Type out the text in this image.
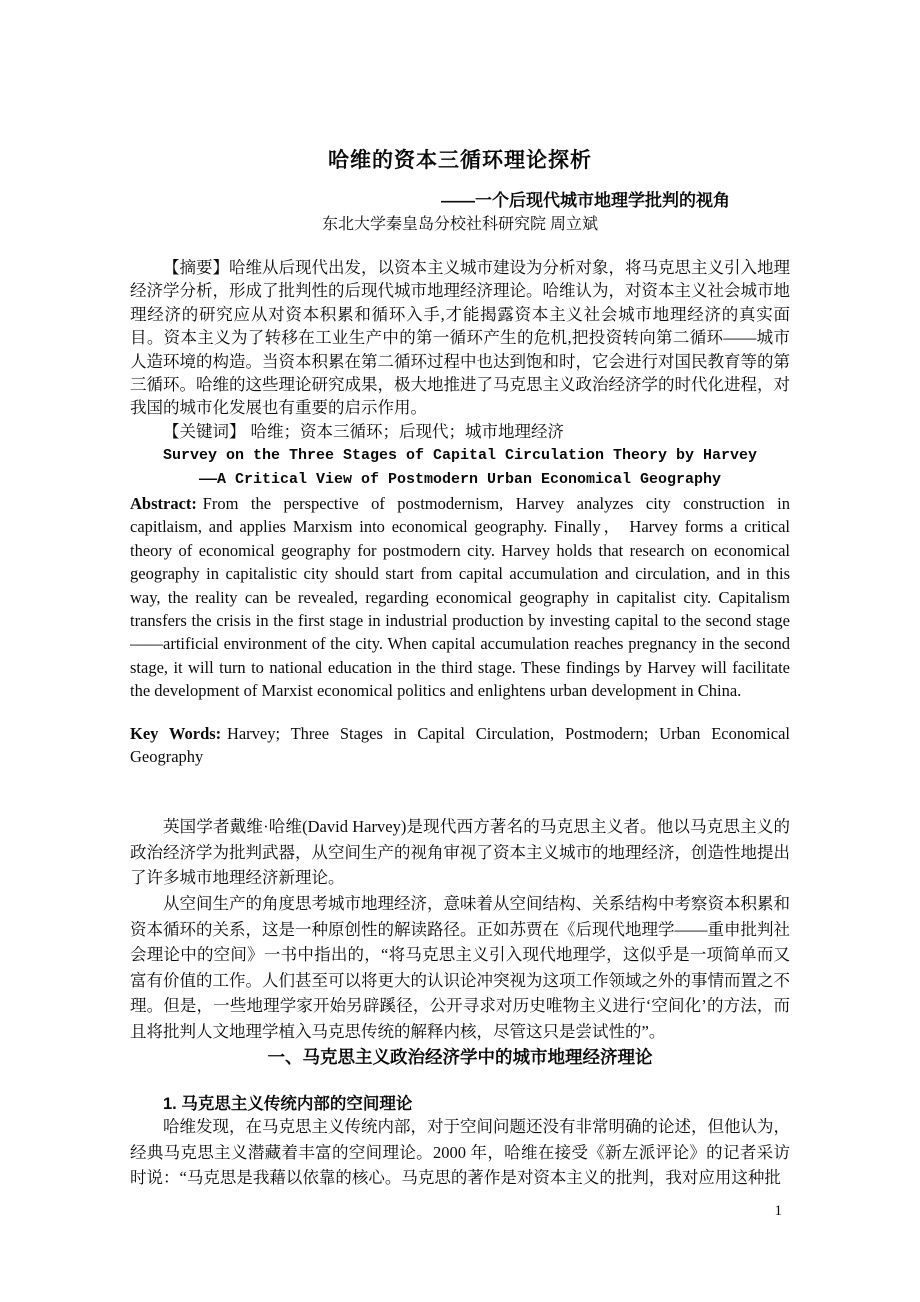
哈维的资本三循环理论探析
——一个后现代城市地理学批判的视角
东北大学秦皇岛分校社科研究院 周立斌

【摘要】哈维从后现代出发，以资本主义城市建设为分析对象，将马克思主义引入地理经济学分析，形成了批判性的后现代城市地理经济理论。哈维认为，对资本主义社会城市地理经济的研究应从对资本积累和循环入手,才能揭露资本主义社会城市地理经济的真实面目。资本主义为了转移在工业生产中的第一循环产生的危机,把投资转向第二循环——城市人造环境的构造。当资本积累在第二循环过程中也达到饱和时，它会进行对国民教育等的第三循环。哈维的这些理论研究成果，极大地推进了马克思主义政治经济学的时代化进程，对我国的城市化发展也有重要的启示作用。

【关键词】 哈维；资本三循环；后现代；城市地理经济

Survey on the Three Stages of Capital Circulation Theory by Harvey
——A Critical View of Postmodern Urban Economical Geography

Abstract: From the perspective of postmodernism, Harvey analyzes city construction in capitlaism, and applies Marxism into economical geography. Finally， Harvey forms a critical theory of economical geography for postmodern city. Harvey holds that research on economical geography in capitalistic city should start from capital accumulation and circulation, and in this way, the reality can be revealed, regarding economical geography in capitalist city. Capitalism transfers the crisis in the first stage in industrial production by investing capital to the second stage——artificial environment of the city. When capital accumulation reaches pregnancy in the second stage, it will turn to national education in the third stage. These findings by Harvey will facilitate the development of Marxist economical politics and enlightens urban development in China.

Key Words: Harvey; Three Stages in Capital Circulation, Postmodern; Urban Economical Geography

英国学者戴维·哈维(David Harvey)是现代西方著名的马克思主义者。他以马克思主义的政治经济学为批判武器，从空间生产的视角审视了资本主义城市的地理经济，创造性地提出了许多城市地理经济新理论。

从空间生产的角度思考城市地理经济，意味着从空间结构、关系结构中考察资本积累和资本循环的关系，这是一种原创性的解读路径。正如苏贾在《后现代地理学——重申批判社会理论中的空间》一书中指出的，“将马克思主义引入现代地理学，这似乎是一项简单而又富有价值的工作。人们甚至可以将更大的认识论冲突视为这项工作领域之外的事情而置之不理。但是，一些地理学家开始另辟蹊径，公开寻求对历史唯物主义进行‘空间化’的方法，而且将批判人文地理学植入马克思传统的解释内核，尽管这只是尝试性的”。

一、马克思主义政治经济学中的城市地理经济理论
1. 马克思主义传统内部的空间理论

哈维发现，在马克思主义传统内部，对于空间问题还没有非常明确的论述，但他认为，经典马克思主义潜藏着丰富的空间理论。2000 年，哈维在接受《新左派评论》的记者采访时说：“马克思是我藉以依靠的核心。马克思的著作是对资本主义的批判，我对应用这种批

1
